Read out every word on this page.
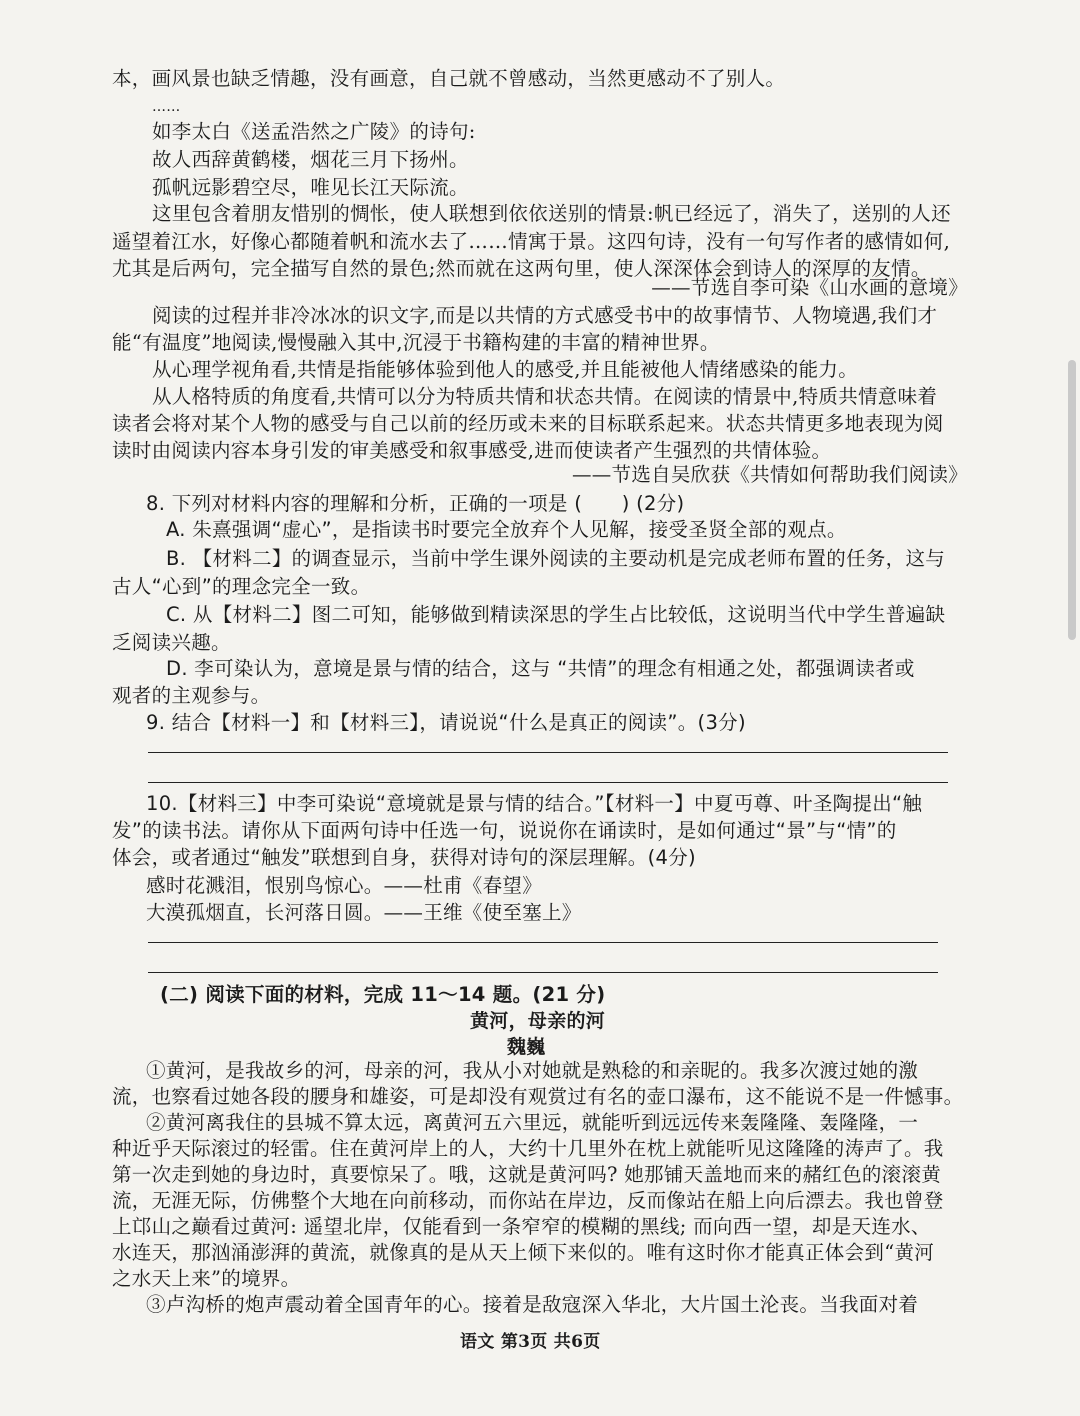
本，画风景也缺乏情趣，没有画意，自己就不曾感动，当然更感动不了别人。
……
如李太白《送孟浩然之广陵》的诗句:
故人西辞黄鹤楼，烟花三月下扬州。
孤帆远影碧空尽，唯见长江天际流。
这里包含着朋友惜别的惆怅，使人联想到依依送别的情景:帆已经远了，消失了，送别的人还
遥望着江水，好像心都随着帆和流水去了……情寓于景。这四句诗，没有一句写作者的感情如何,
尤其是后两句，完全描写自然的景色;然而就在这两句里，使人深深体会到诗人的深厚的友情。
——节选自李可染《山水画的意境》
阅读的过程并非冷冰冰的识文字,而是以共情的方式感受书中的故事情节、人物境遇,我们才
能“有温度”地阅读,慢慢融入其中,沉浸于书籍构建的丰富的精神世界。
从心理学视角看,共情是指能够体验到他人的感受,并且能被他人情绪感染的能力。
从人格特质的角度看,共情可以分为特质共情和状态共情。在阅读的情景中,特质共情意味着
读者会将对某个人物的感受与自己以前的经历或未来的目标联系起来。状态共情更多地表现为阅
读时由阅读内容本身引发的审美感受和叙事感受,进而使读者产生强烈的共情体验。
——节选自吴欣获《共情如何帮助我们阅读》
8. 下列对材料内容的理解和分析，正确的一项是 (　　) (2分)
A. 朱熹强调“虚心”，是指读书时要完全放弃个人见解，接受圣贤全部的观点。
B. 【材料二】的调查显示，当前中学生课外阅读的主要动机是完成老师布置的任务，这与
古人“心到”的理念完全一致。
C. 从【材料二】图二可知，能够做到精读深思的学生占比较低，这说明当代中学生普遍缺
乏阅读兴趣。
D. 李可染认为，意境是景与情的结合，这与 “共情”的理念有相通之处，都强调读者或
观者的主观参与。
9. 结合【材料一】和【材料三】，请说说“什么是真正的阅读”。(3分)
10.【材料三】中李可染说“意境就是景与情的结合。”【材料一】中夏丏尊、叶圣陶提出“触
发”的读书法。请你从下面两句诗中任选一句，说说你在诵读时，是如何通过“景”与“情”的
体会，或者通过“触发”联想到自身，获得对诗句的深层理解。(4分)
感时花溅泪，恨别鸟惊心。——杜甫《春望》
大漠孤烟直，长河落日圆。——王维《使至塞上》
(二) 阅读下面的材料，完成 11～14 题。(21 分)
黄河，母亲的河
魏巍
①黄河，是我故乡的河，母亲的河，我从小对她就是熟稔的和亲昵的。我多次渡过她的激
流，也察看过她各段的腰身和雄姿，可是却没有观赏过有名的壶口瀑布，这不能说不是一件憾事。
②黄河离我住的县城不算太远，离黄河五六里远，就能听到远远传来轰隆隆、轰隆隆，一
种近乎天际滚过的轻雷。住在黄河岸上的人，大约十几里外在枕上就能听见这隆隆的涛声了。我
第一次走到她的身边时，真要惊呆了。哦，这就是黄河吗? 她那铺天盖地而来的赭红色的滚滚黄
流，无涯无际，仿佛整个大地在向前移动，而你站在岸边，反而像站在船上向后漂去。我也曾登
上邙山之巅看过黄河: 遥望北岸，仅能看到一条窄窄的模糊的黑线; 而向西一望，却是天连水、
水连天，那汹涌澎湃的黄流，就像真的是从天上倾下来似的。唯有这时你才能真正体会到“黄河
之水天上来”的境界。
③卢沟桥的炮声震动着全国青年的心。接着是敌寇深入华北，大片国土沦丧。当我面对着
语文 第3页 共6页
